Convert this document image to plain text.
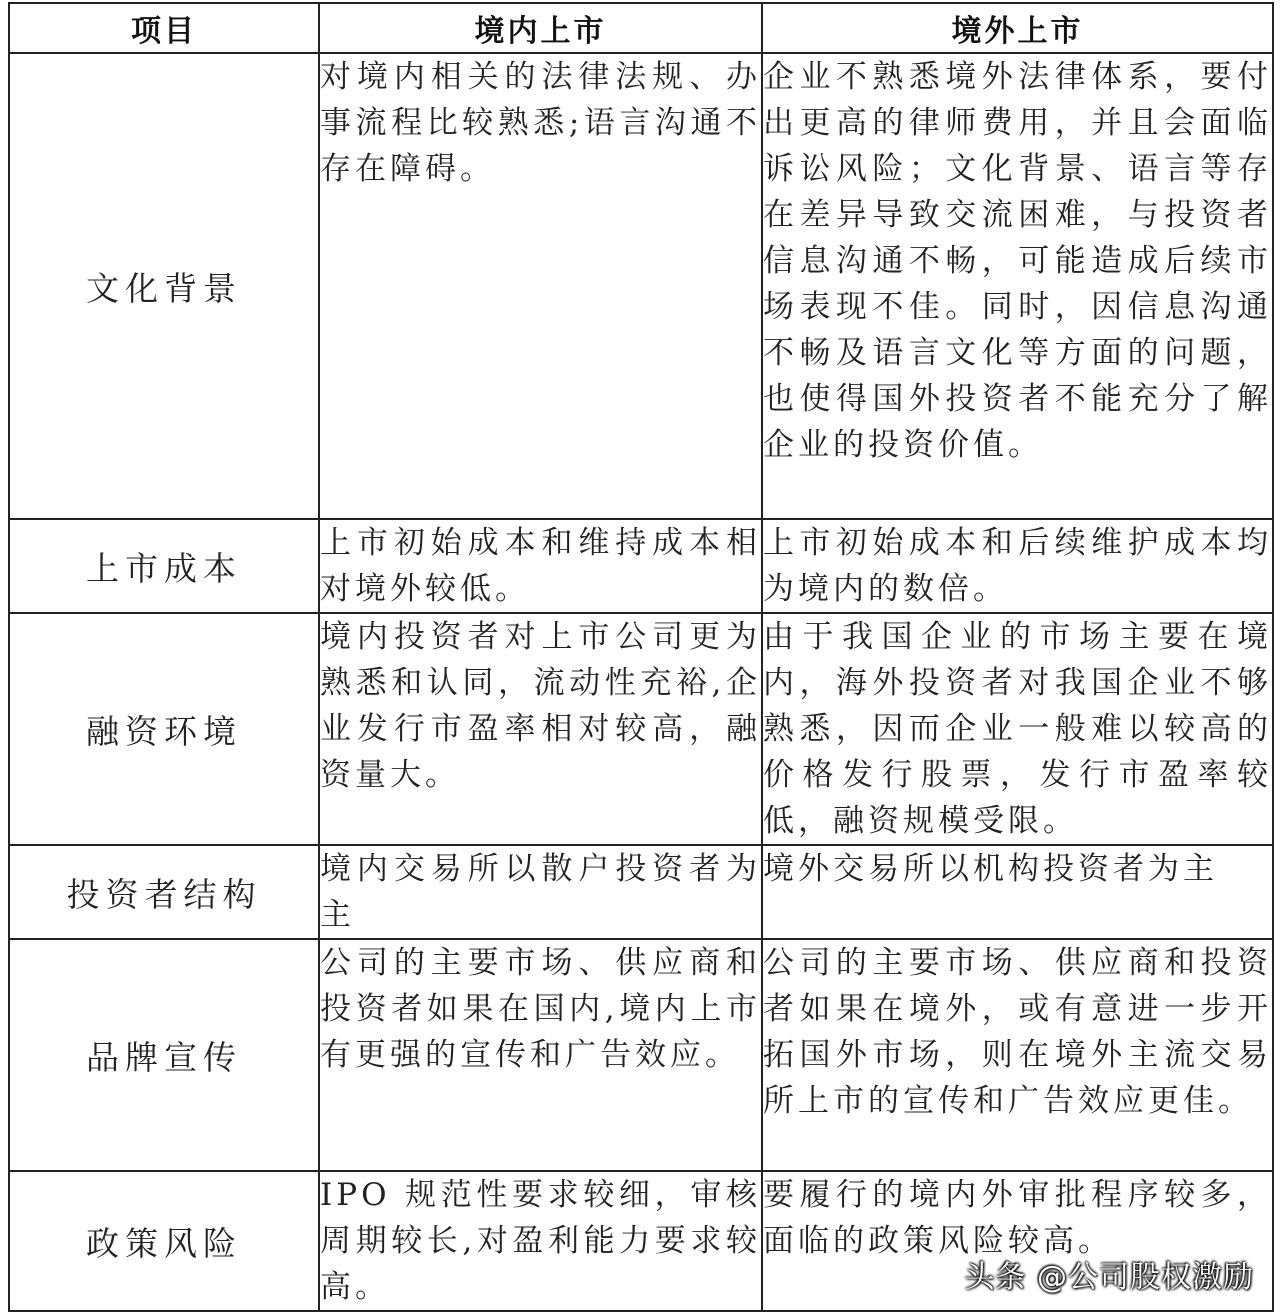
项目	境内上市	境外上市
文化背景	对境内相关的法律法规、办事流程比较熟悉;语言沟通不存在障碍。	企业不熟悉境外法律体系，要付出更高的律师费用，并且会面临诉讼风险；文化背景、语言等存在差异导致交流困难，与投资者信息沟通不畅，可能造成后续市场表现不佳。同时，因信息沟通不畅及语言文化等方面的问题，也使得国外投资者不能充分了解企业的投资价值。
上市成本	上市初始成本和维持成本相对境外较低。	上市初始成本和后续维护成本均为境内的数倍。
融资环境	境内投资者对上市公司更为熟悉和认同，流动性充裕,企业发行市盈率相对较高，融资量大。	由于我国企业的市场主要在境内，海外投资者对我国企业不够熟悉，因而企业一般难以较高的价格发行股票，发行市盈率较低，融资规模受限。
投资者结构	境内交易所以散户投资者为主	境外交易所以机构投资者为主
品牌宣传	公司的主要市场、供应商和投资者如果在国内,境内上市有更强的宣传和广告效应。	公司的主要市场、供应商和投资者如果在境外，或有意进一步开拓国外市场，则在境外主流交易所上市的宣传和广告效应更佳。
政策风险	IPO 规范性要求较细，审核周期较长,对盈利能力要求较高。	要履行的境内外审批程序较多，面临的政策风险较高。
头条 @公司股权激励
